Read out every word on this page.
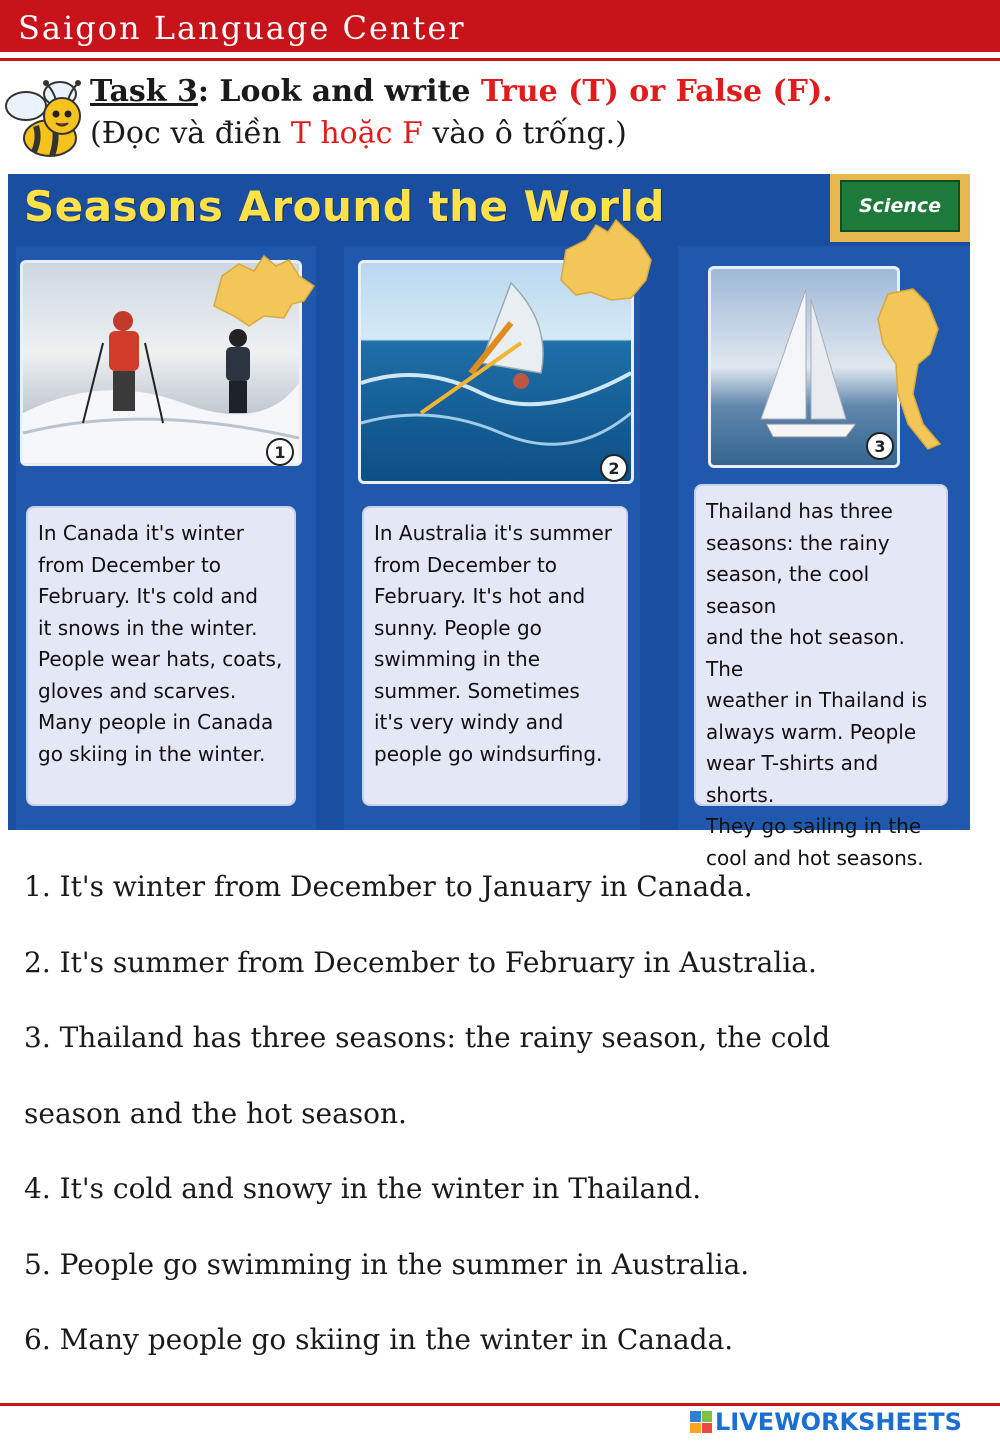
Saigon Language Center
Task 3: Look and write True (T) or False (F).
(Đọc và điền T hoặc F vào ô trống.)
Seasons Around the World	Science
1

In Canada it's winter
from December to
February. It's cold and
it snows in the winter.
People wear hats, coats,
gloves and scarves.
Many people in Canada
go skiing in the winter.

2

In Australia it's summer
from December to
February. It's hot and
sunny. People go
swimming in the
summer. Sometimes
it's very windy and
people go windsurfing.

3

Thailand has three
seasons: the rainy
season, the cool season
and the hot season. The
weather in Thailand is
always warm. People
wear T-shirts and shorts.
They go sailing in the
cool and hot seasons.

1. It's winter from December to January in Canada.
2. It's summer from December to February in Australia.
3. Thailand has three seasons: the rainy season, the cold
season and the hot season.
4. It's cold and snowy in the winter in Thailand.
5. People go swimming in the summer in Australia.
6. Many people go skiing in the winter in Canada.
LIVEWORKSHEETS
